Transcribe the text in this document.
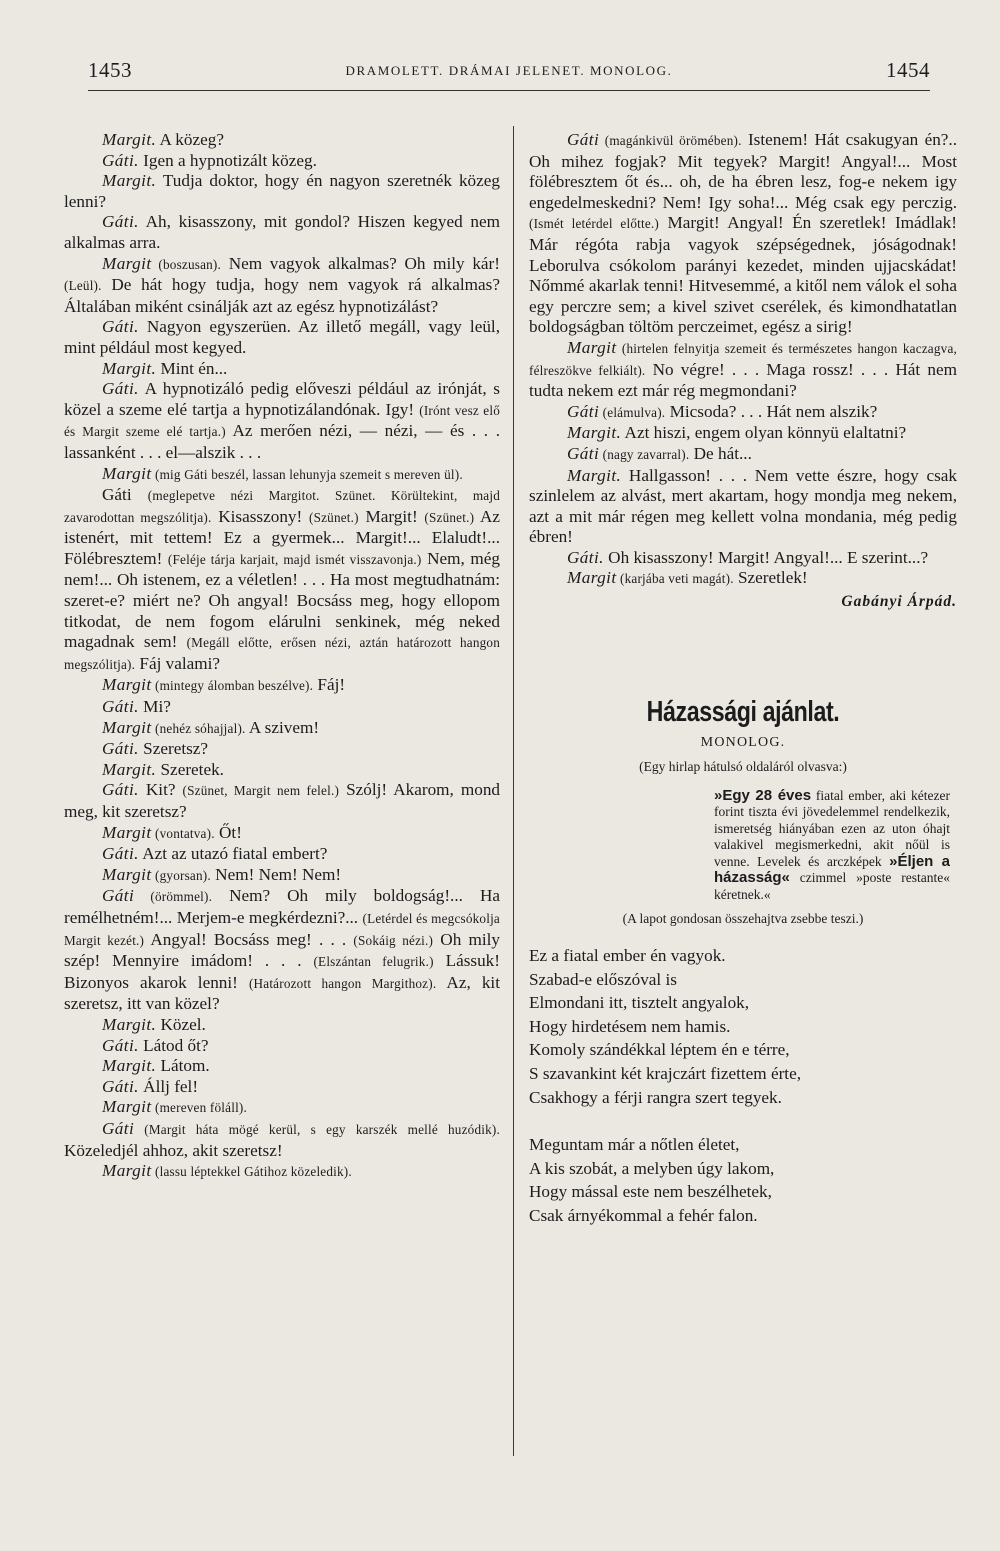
1453	DRAMOLETT. DRÁMAI JELENET. MONOLOG.	1454

Margit. A közeg?

Gáti. Igen a hypnotizált közeg.

Margit. Tudja doktor, hogy én nagyon szeretnék közeg lenni?

Gáti. Ah, kisasszony, mit gondol? Hiszen kegyed nem alkalmas arra.

Margit (boszusan). Nem vagyok alkalmas? Oh mily kár! (Leül). De hát hogy tudja, hogy nem vagyok rá alkalmas? Általában miként csinálják azt az egész hypnotizálást?

Gáti. Nagyon egyszerüen. Az illető megáll, vagy leül, mint például most kegyed.

Margit. Mint én...

Gáti. A hypnotizáló pedig előveszi például az irónját, s közel a szeme elé tartja a hypnotizálandónak. Igy! (Irónt vesz elő és Margit szeme elé tartja.) Az merően nézi, — nézi, — és . . . lassanként . . . el—alszik . . .

Margit (mig Gáti beszél, lassan lehunyja szemeit s mereven ül).

Gáti (meglepetve nézi Margitot. Szünet. Körültekint, majd zavarodottan megszólitja). Kisasszony! (Szünet.) Margit! (Szünet.) Az istenért, mit tettem! Ez a gyermek... Margit!... Elaludt!... Fölébresztem! (Feléje tárja karjait, majd ismét visszavonja.) Nem, még nem!... Oh istenem, ez a véletlen! . . . Ha most megtudhatnám: szeret-e? miért ne? Oh angyal! Bocsáss meg, hogy ellopom titkodat, de nem fogom elárulni senkinek, még neked magadnak sem! (Megáll előtte, erősen nézi, aztán határozott hangon megszólitja). Fáj valami?

Margit (mintegy álomban beszélve). Fáj!

Gáti. Mi?

Margit (nehéz sóhajjal). A szivem!

Gáti. Szeretsz?

Margit. Szeretek.

Gáti. Kit? (Szünet, Margit nem felel.) Szólj! Akarom, mond meg, kit szeretsz?

Margit (vontatva). Őt!

Gáti. Azt az utazó fiatal embert?

Margit (gyorsan). Nem! Nem! Nem!

Gáti (örömmel). Nem? Oh mily boldogság!... Ha remélhetném!... Merjem-e megkérdezni?... (Letérdel és megcsókolja Margit kezét.) Angyal! Bocsáss meg! . . . (Sokáig nézi.) Oh mily szép! Mennyire imádom! . . . (Elszántan felugrik.) Lássuk! Bizonyos akarok lenni! (Határozott hangon Margithoz). Az, kit szeretsz, itt van közel?

Margit. Közel.

Gáti. Látod őt?

Margit. Látom.

Gáti. Állj fel!

Margit (mereven föláll).

Gáti (Margit háta mögé kerül, s egy karszék mellé huzódik). Közeledjél ahhoz, akit szeretsz!

Margit (lassu léptekkel Gátihoz közeledik).

Gáti (magánkivül örömében). Istenem! Hát csakugyan én?.. Oh mihez fogjak? Mit tegyek? Margit! Angyal!... Most fölébresztem őt és... oh, de ha ébren lesz, fog-e nekem igy engedelmeskedni? Nem! Igy soha!... Még csak egy perczig. (Ismét letérdel előtte.) Margit! Angyal! Én szeretlek! Imádlak! Már régóta rabja vagyok szépségednek, jóságodnak! Leborulva csókolom parányi kezedet, minden ujjacskádat! Nőmmé akarlak tenni! Hitvesemmé, a kitől nem válok el soha egy perczre sem; a kivel szivet cserélek, és kimondhatatlan boldogságban töltöm perczeimet, egész a sirig!

Margit (hirtelen felnyitja szemeit és természetes hangon kaczagva, félreszökve felkiált). No végre! . . . Maga rossz! . . . Hát nem tudta nekem ezt már rég megmondani?

Gáti (elámulva). Micsoda? . . . Hát nem alszik?

Margit. Azt hiszi, engem olyan könnyü elaltatni?

Gáti (nagy zavarral). De hát...

Margit. Hallgasson! . . . Nem vette észre, hogy csak szinlelem az alvást, mert akartam, hogy mondja meg nekem, azt a mit már régen meg kellett volna mondania, még pedig ébren!

Gáti. Oh kisasszony! Margit! Angyal!... E szerint...?

Margit (karjába veti magát). Szeretlek!

Gabányi Árpád.
Házassági ajánlat.
MONOLOG.
(Egy hirlap hátulsó oldaláról olvasva:)
»Egy 28 éves fiatal ember, aki kétezer forint tiszta évi jövedelemmel rendelkezik, ismeretség hiányában ezen az uton óhajt valakivel megismerkedni, akit nőül is venne. Levelek és arczképek »Éljen a házasság« czimmel »poste restante« kéretnek.«
(A lapot gondosan összehajtva zsebbe teszi.)
Ez a fiatal ember én vagyok.
Szabad-e előszóval is
Elmondani itt, tisztelt angyalok,
Hogy hirdetésem nem hamis.
Komoly szándékkal léptem én e térre,
S szavankint két krajczárt fizettem érte,
Csakhogy a férji rangra szert tegyek.
Meguntam már a nőtlen életet,
A kis szobát, a melyben úgy lakom,
Hogy mással este nem beszélhetek,
Csak árnyékommal a fehér falon.
